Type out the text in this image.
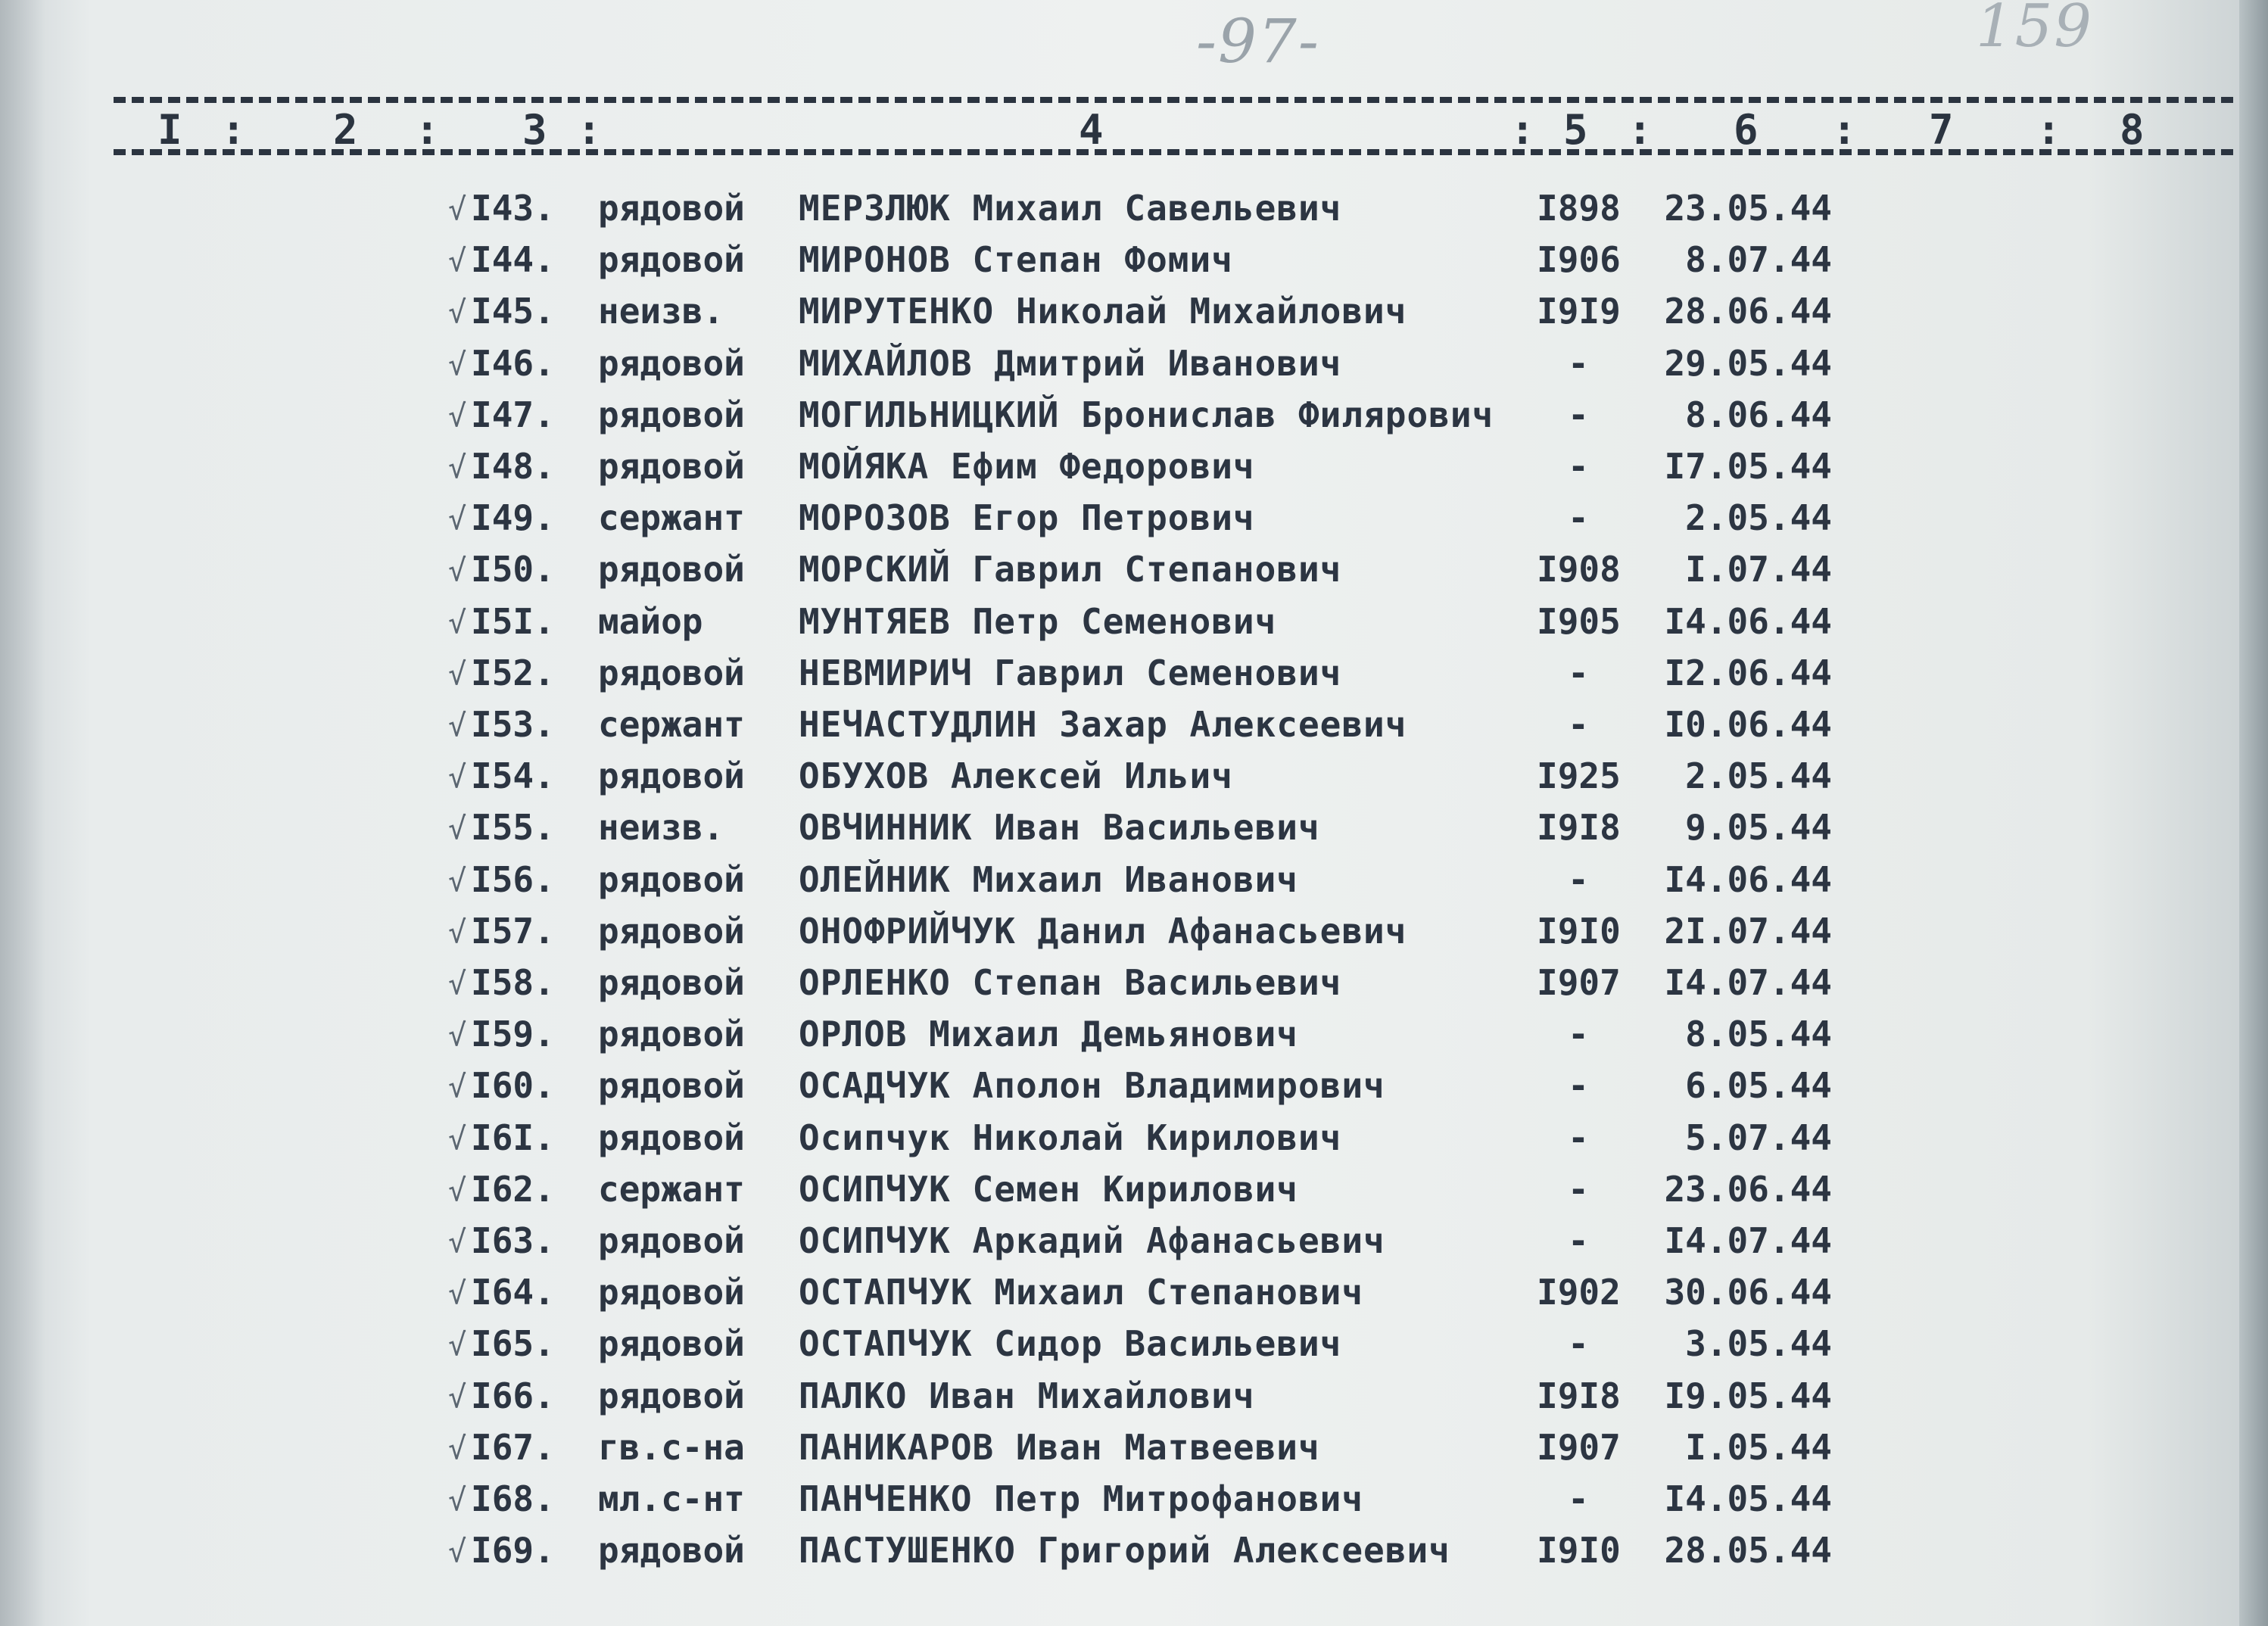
-97-	159
I : 2 : 3 :	4	: 5 : 6 : 7 : 8
√ I43. рядовой МЕРЗЛЮК Михаил Савельевич	I898	23.05.44
√ I44. рядовой МИРОНОВ Степан Фомич	I906	8.07.44
√ I45. неизв. МИРУТЕНКО Николай Михайлович	I9I9	28.06.44
√ I46. рядовой МИХАЙЛОВ Дмитрий Иванович	-	29.05.44
√ I47. рядовой МОГИЛЬНИЦКИЙ Бронислав Филярович	-	8.06.44
√ I48. рядовой МОЙЯКА Ефим Федорович	-	I7.05.44
√ I49. сержант МОРОЗОВ Егор Петрович	-	2.05.44
√ I50. рядовой МОРСКИЙ Гаврил Степанович	I908	I.07.44
√ I5I. майор	МУНТЯЕВ Петр Семенович	I905	I4.06.44
√ I52. рядовой НЕВМИРИЧ Гаврил Семенович	-	I2.06.44
√ I53. сержант НЕЧАСТУДЛИН Захар Алексеевич	-	I0.06.44
√ I54. рядовой ОБУХОВ Алексей Ильич	I925	2.05.44
√ I55. неизв. ОВЧИННИК Иван Васильевич	I9I8	9.05.44
√ I56. рядовой ОЛЕЙНИК Михаил Иванович	-	I4.06.44
√ I57. рядовой ОНОФРИЙЧУК Данил Афанасьевич	I9I0	2I.07.44
√ I58. рядовой ОРЛЕНКО Степан Васильевич	I907	I4.07.44
√ I59. рядовой ОРЛОВ Михаил Демьянович	-	8.05.44
√ I60. рядовой ОСАДЧУК Аполон Владимирович	-	6.05.44
√ I6I. рядовой Осипчук Николай Кирилович	-	5.07.44
√ I62. сержант ОСИПЧУК Семен Кирилович	-	23.06.44
√ I63. рядовой ОСИПЧУК Аркадий Афанасьевич	-	I4.07.44
√ I64. рядовой ОСТАПЧУК Михаил Степанович	I902	30.06.44
√ I65. рядовой ОСТАПЧУК Сидор Васильевич	-	3.05.44
√ I66. рядовой ПАЛКО Иван Михайлович	I9I8	I9.05.44
√ I67. гв.с-на ПАНИКАРОВ Иван Матвеевич	I907	I.05.44
√ I68. мл.с-нт ПАНЧЕНКО Петр Митрофанович	-	I4.05.44
√ I69. рядовой ПАСТУШЕНКО Григорий Алексеевич I9I0	28.05.44
